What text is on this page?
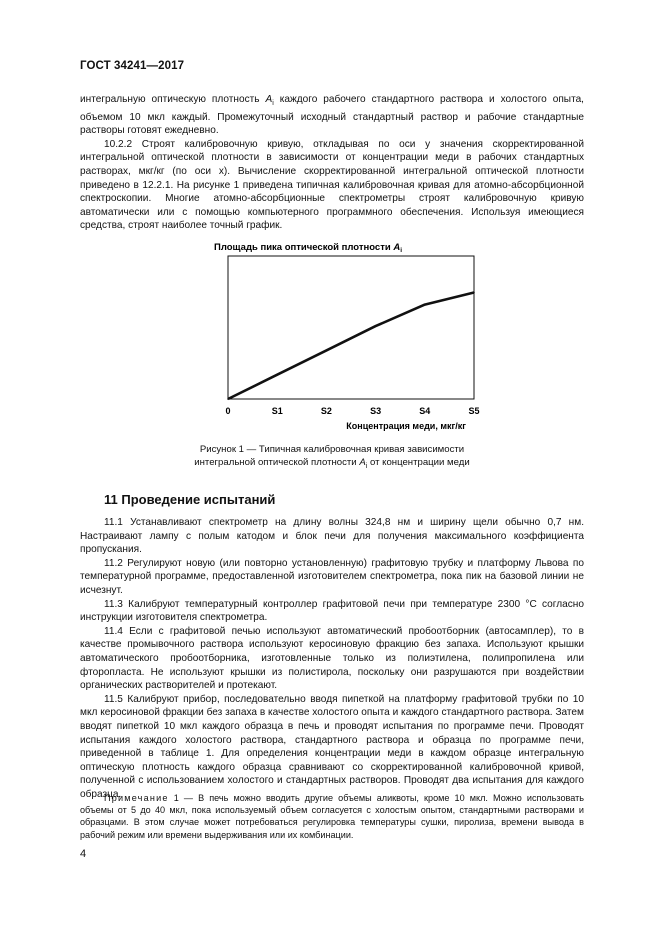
ГОСТ 34241—2017

интегральную оптическую плотность $A_i$ каждого рабочего стандартного раствора и холостого опыта, объемом 10 мкл каждый. Промежуточный исходный стандартный раствор и рабочие стандартные растворы готовят ежедневно.

10.2.2 Строят калибровочную кривую, откладывая по оси у значения скорректированной интегральной оптической плотности в зависимости от концентрации меди в рабочих стандартных растворах, мкг/кг (по оси х). Вычисление скорректированной интегральной оптической плотности приведено в 12.2.1. На рисунке 1 приведена типичная калибровочная кривая для атомно-абсорбционной спектроскопии. Многие атомно-абсорбционные спектрометры строят калибровочную кривую автоматически или с помощью компьютерного программного обеспечения. Используя имеющиеся средства, строят наиболее точный график.

Площадь пика оптической плотности $A_i$
0	S1	S2	S3	S4	S5
Концентрация меди, мкг/кг
Рисунок 1 — Типичная калибровочная кривая зависимости
интегральной оптической плотности $A_i$ от концентрации меди
11 Проведение испытаний

11.1 Устанавливают спектрометр на длину волны 324,8 нм и ширину щели обычно 0,7 нм. Настраивают лампу с полым катодом и блок печи для получения максимального коэффициента пропускания.

11.2 Регулируют новую (или повторно установленную) графитовую трубку и платформу Львова по температурной программе, предоставленной изготовителем спектрометра, пока пик на базовой линии не исчезнут.

11.3 Калибруют температурный контроллер графитовой печи при температуре 2300 °С согласно инструкции изготовителя спектрометра.

11.4 Если с графитовой печью используют автоматический пробоотборник (автосамплер), то в качестве промывочного раствора используют керосиновую фракцию без запаха. Используют крышки автоматического пробоотборника, изготовленные только из полиэтилена, полипропилена или фторопласта. Не используют крышки из полистирола, поскольку они разрушаются при воздействии органических растворителей и протекают.

11.5 Калибруют прибор, последовательно вводя пипеткой на платформу графитовой трубки по 10 мкл керосиновой фракции без запаха в качестве холостого опыта и каждого стандартного раствора. Затем вводят пипеткой 10 мкл каждого образца в печь и проводят испытания по программе печи. Проводят испытания каждого холостого раствора, стандартного раствора и образца по программе печи, приведенной в таблице 1. Для определения концентрации меди в каждом образце интегральную оптическую плотность каждого образца сравнивают со скорректированной калибровочной кривой, полученной с использованием холостого и стандартных растворов. Проводят два испытания для каждого образца.

Примечание 1 — В печь можно вводить другие объемы аликвоты, кроме 10 мкл. Можно использовать объемы от 5 до 40 мкл, пока используемый объем согласуется с холостым опытом, стандартными растворами и образцами. В этом случае может потребоваться регулировка температуры сушки, пиролиза, времени вывода в рабочий режим или времени выдерживания или их комбинации.

4
